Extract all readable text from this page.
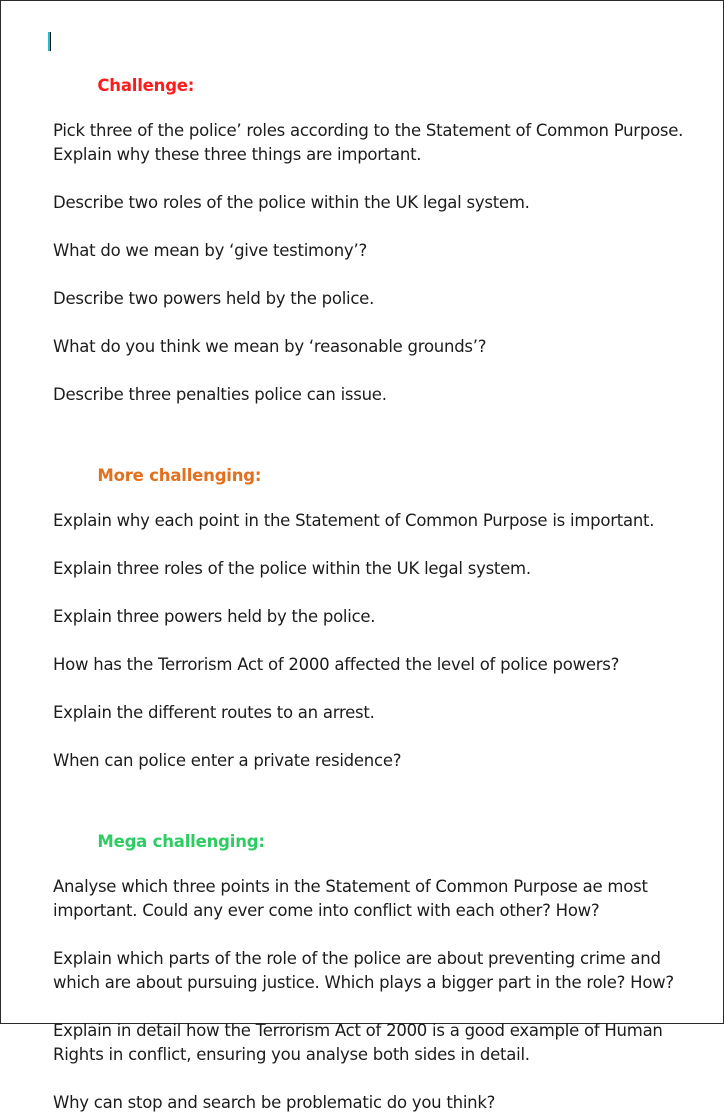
Challenge:

Pick three of the police’ roles according to the Statement of Common Purpose. Explain why these three things are important.

Describe two roles of the police within the UK legal system.

What do we mean by ‘give testimony’?

Describe two powers held by the police.

What do you think we mean by ‘reasonable grounds’?

Describe three penalties police can issue.

More challenging:

Explain why each point in the Statement of Common Purpose is important.

Explain three roles of the police within the UK legal system.

Explain three powers held by the police.

How has the Terrorism Act of 2000 affected the level of police powers?

Explain the different routes to an arrest.

When can police enter a private residence?

Mega challenging:

Analyse which three points in the Statement of Common Purpose ae most important. Could any ever come into conflict with each other? How?

Explain which parts of the role of the police are about preventing crime and which are about pursuing justice. Which plays a bigger part in the role? How?

Explain in detail how the Terrorism Act of 2000 is a good example of Human Rights in conflict, ensuring you analyse both sides in detail.

Why can stop and search be problematic do you think?
